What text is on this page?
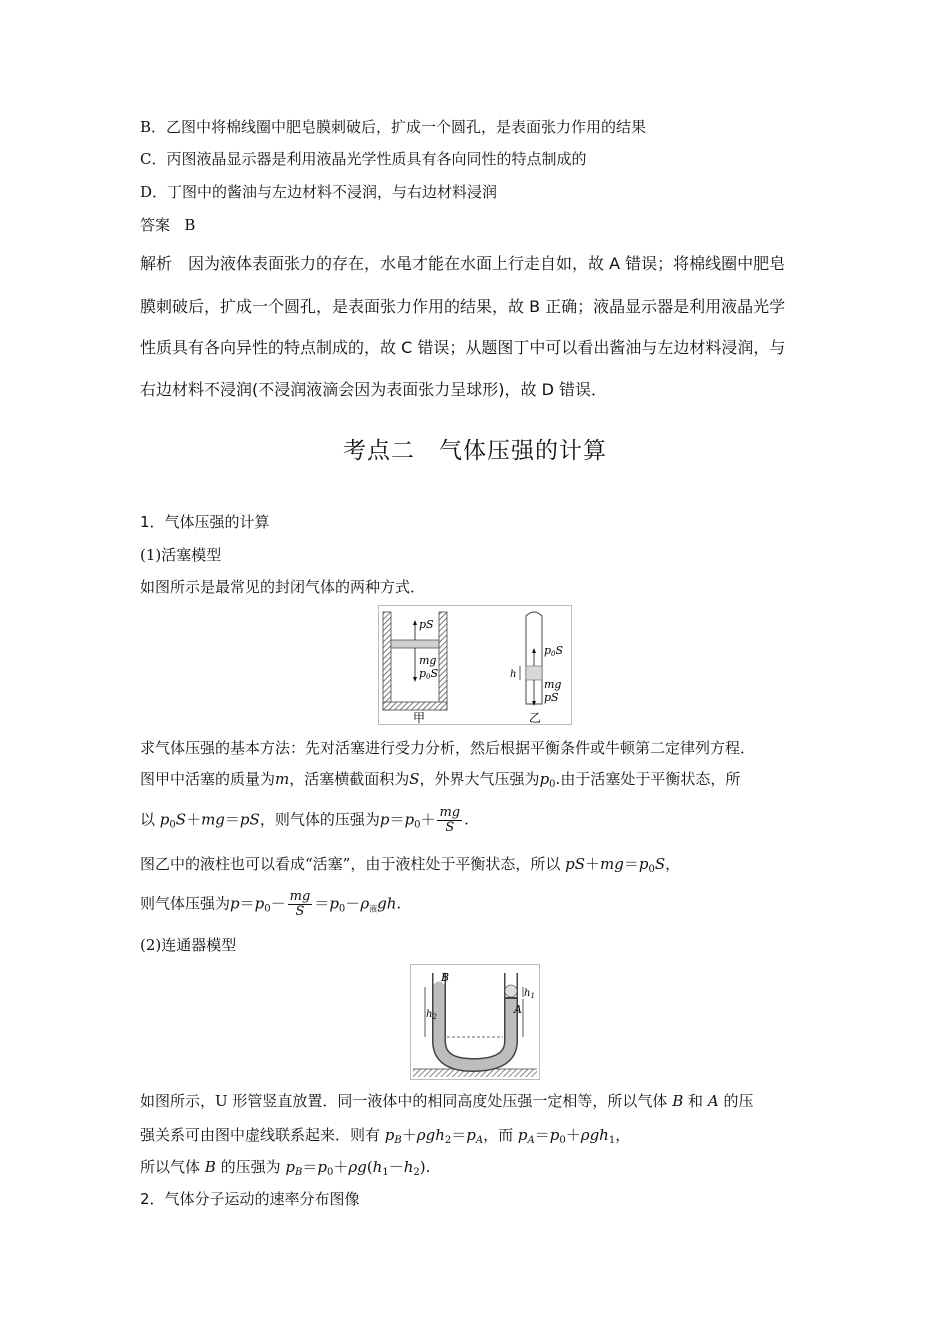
B．乙图中将棉线圈中肥皂膜刺破后，扩成一个圆孔，是表面张力作用的结果
C．丙图液晶显示器是利用液晶光学性质具有各向同性的特点制成的
D．丁图中的酱油与左边材料不浸润，与右边材料浸润
答案 B
解析　因为液体表面张力的存在，水黾才能在水面上行走自如，故 A 错误；将棉线圈中肥皂
膜刺破后，扩成一个圆孔，是表面张力作用的结果，故 B 正确；液晶显示器是利用液晶光学
性质具有各向异性的特点制成的，故 C 错误；从题图丁中可以看出酱油与左边材料浸润，与
右边材料不浸润(不浸润液滴会因为表面张力呈球形)，故 D 错误．
考点二　气体压强的计算
1．气体压强的计算
(1)活塞模型
如图所示是最常见的封闭气体的两种方式．
pS
mg
p0S
甲
p0S
mg
pS
h
乙
求气体压强的基本方法：先对活塞进行受力分析，然后根据平衡条件或牛顿第二定律列方程．
图甲中活塞的质量为m，活塞横截面积为S，外界大气压强为$p_0$.由于活塞处于平衡状态，所
以 $p_0S+mg=pS$，则气体的压强为$p=p_0+ \frac{mg}{S}$ .
图乙中的液柱也可以看成“活塞”，由于液柱处于平衡状态，所以 $pS+mg=p_0S$，
则气体压强为$p=p_0- \frac{mg}{S} =p_0-\rho_液gh$.
(2)连通器模型
B
A
$h_2$
$h_1$
如图所示，U 形管竖直放置．同一液体中的相同高度处压强一定相等，所以气体 B 和 A 的压
强关系可由图中虚线联系起来．则有 $p_B+\rho gh_2=p_A$，而 $p_A=p_0+\rho gh_1$，
所以气体 B 的压强为 $p_B=p_0+\rho g(h_1-h_2)$.
2．气体分子运动的速率分布图像
